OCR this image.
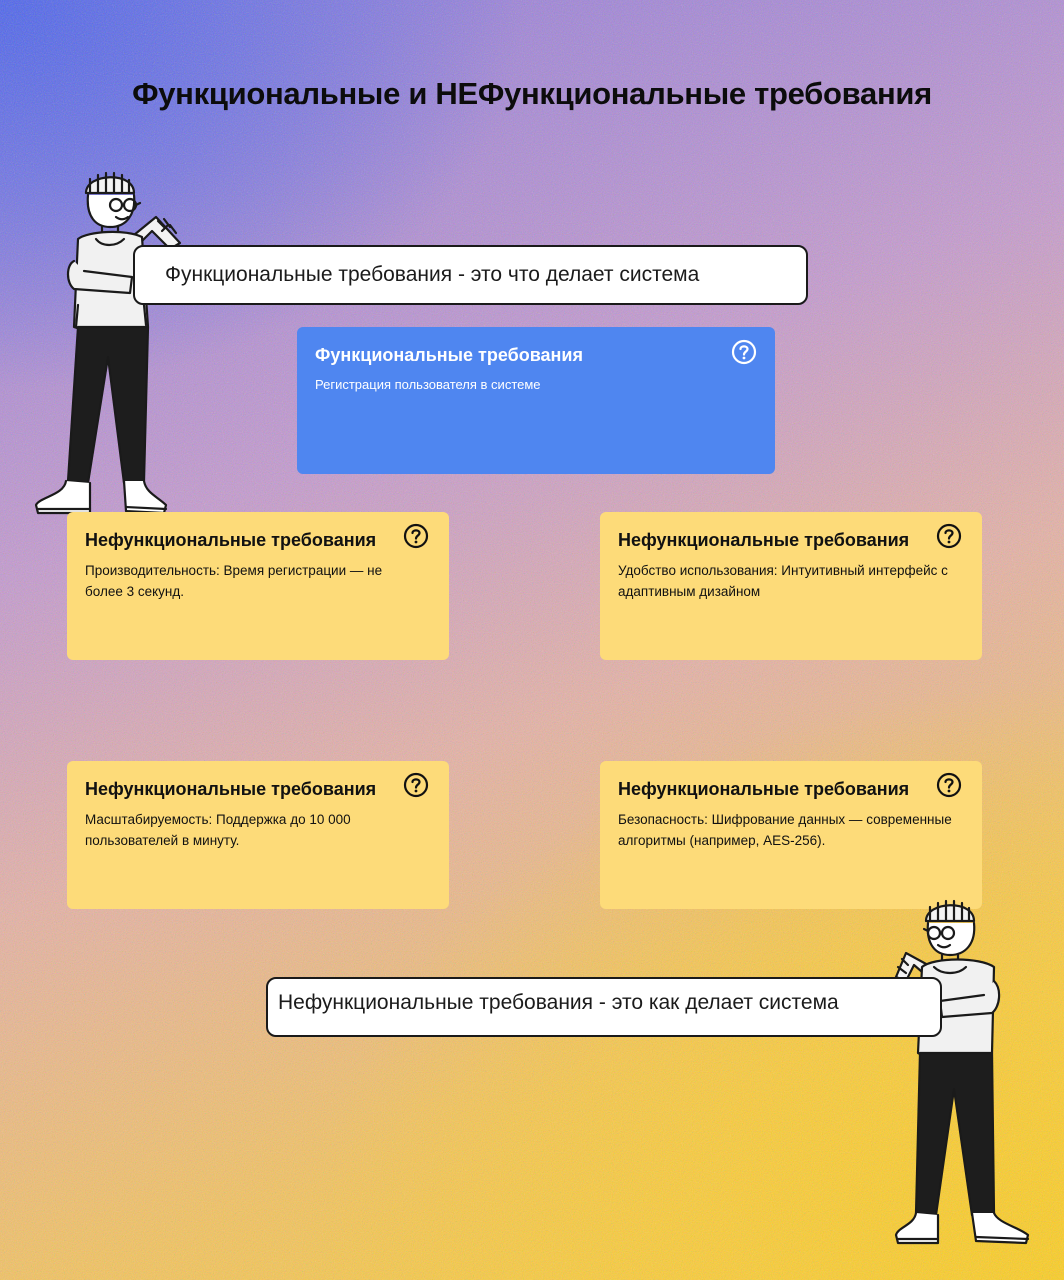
Функциональные и НЕФункциональные требования
Функциональные требования - это что делает система
Функциональные требования
Регистрация пользователя в системе
Нефункциональные требования
Производительность: Время регистрации — не более 3 секунд.
Нефункциональные требования
Удобство использования: Интуитивный интерфейс с адаптивным дизайном
Нефункциональные требования
Масштабируемость: Поддержка до 10 000 пользователей в минуту.
Нефункциональные требования
Безопасность: Шифрование данных — современные алгоритмы (например, AES-256).
Нефункциональные требования - это как делает система
